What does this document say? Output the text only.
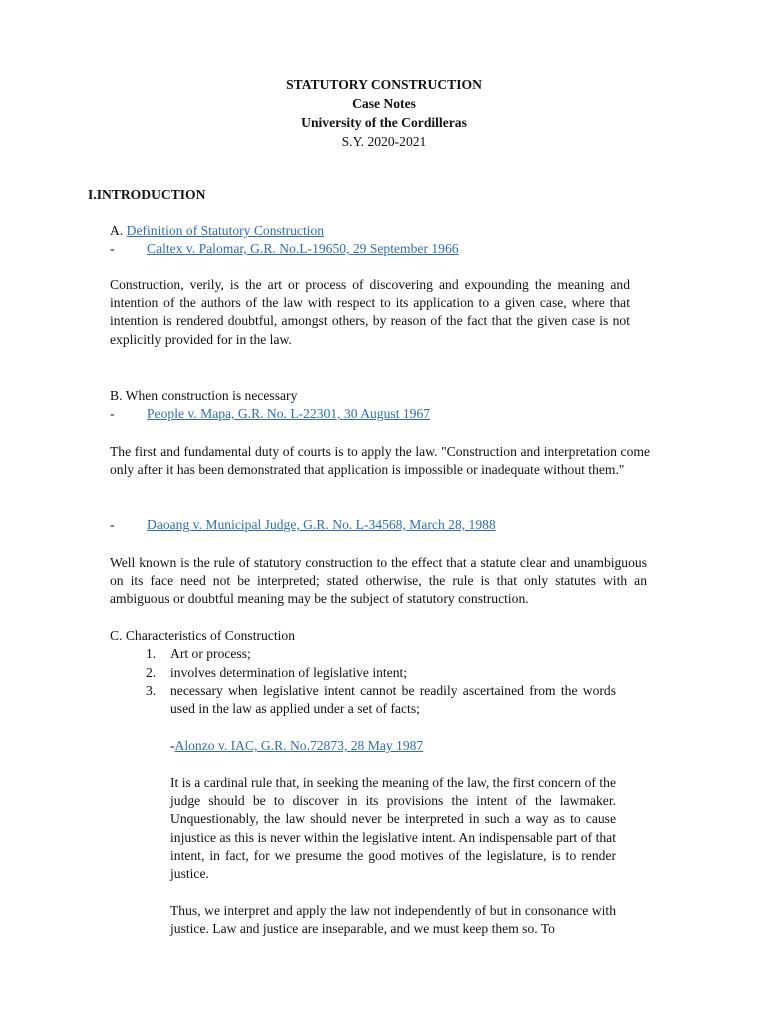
STATUTORY CONSTRUCTION
Case Notes
University of the Cordilleras
S.Y. 2020-2021
I.INTRODUCTION
A. Definition of Statutory Construction
- Caltex v. Palomar, G.R. No.L-19650, 29 September 1966
Construction, verily, is the art or process of discovering and expounding the meaning and intention of the authors of the law with respect to its application to a given case, where that intention is rendered doubtful, amongst others, by reason of the fact that the given case is not explicitly provided for in the law.
B. When construction is necessary
- People v. Mapa, G.R. No. L-22301, 30 August 1967
The first and fundamental duty of courts is to apply the law. "Construction and interpretation come only after it has been demonstrated that application is impossible or inadequate without them."
- Daoang v. Municipal Judge, G.R. No. L-34568, March 28, 1988
Well known is the rule of statutory construction to the effect that a statute clear and unambiguous on its face need not be interpreted; stated otherwise, the rule is that only statutes with an ambiguous or doubtful meaning may be the subject of statutory construction.
C. Characteristics of Construction
1. Art or process;
2. involves determination of legislative intent;
3. necessary when legislative intent cannot be readily ascertained from the words used in the law as applied under a set of facts;
-Alonzo v. IAC, G.R. No.72873, 28 May 1987
It is a cardinal rule that, in seeking the meaning of the law, the first concern of the judge should be to discover in its provisions the intent of the lawmaker. Unquestionably, the law should never be interpreted in such a way as to cause injustice as this is never within the legislative intent. An indispensable part of that intent, in fact, for we presume the good motives of the legislature, is to render justice.
Thus, we interpret and apply the law not independently of but in consonance with justice. Law and justice are inseparable, and we must keep them so. To
